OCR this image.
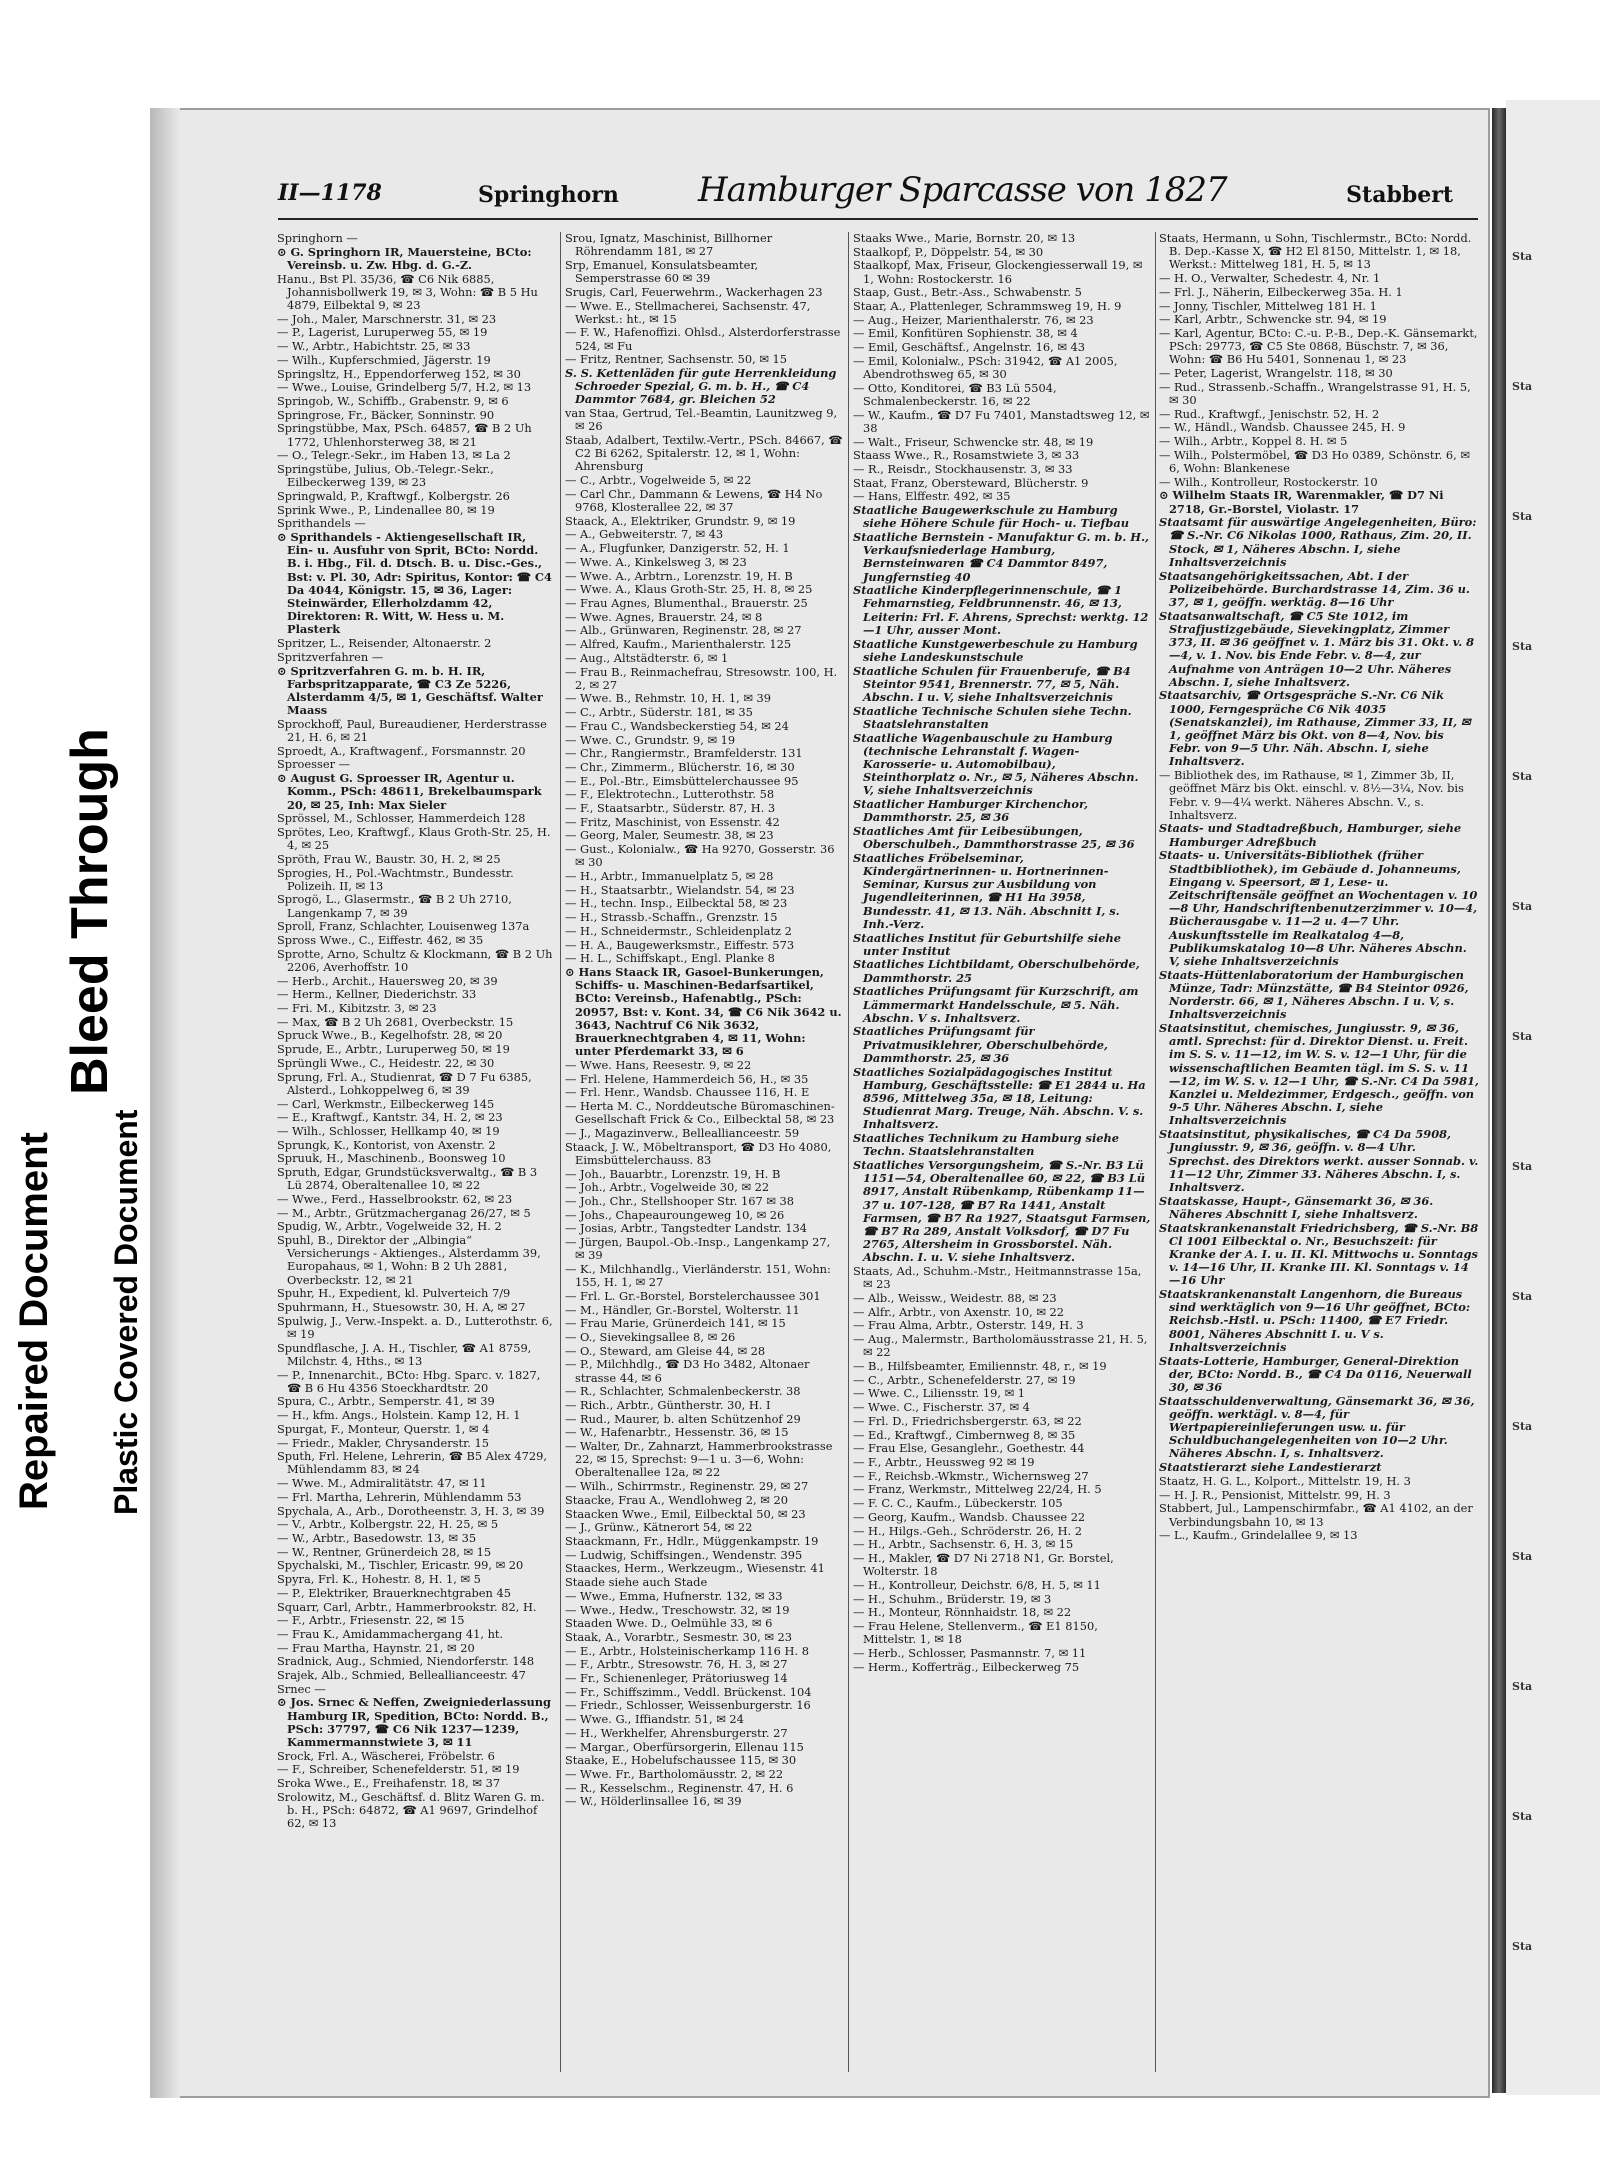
Repaired Document Plastic Covered Document
Bleed Through
Sta
Sta
Sta
Sta
Sta
Sta
Sta
Sta
Sta
Sta
Sta
Sta
Sta
Sta
II—1178	Springhorn Hamburger Sparcasse von 1827	Stabbert
Springhorn —
⊙ G. Springhorn IR, Mauersteine, BCto: Vereinsb. u. Zw. Hbg. d. G.-Z.
Hanu., Bst Pl. 35/36, ☎ C6 Nik 6885, Johannisbollwerk 19, ✉ 3, Wohn: ☎ B 5 Hu 4879, Eilbektal 9, ✉ 23
— Joh., Maler, Marschnerstr. 31, ✉ 23
— P., Lagerist, Luruperweg 55, ✉ 19
— W., Arbtr., Habichtstr. 25, ✉ 33
— Wilh., Kupferschmied, Jägerstr. 19
Springsltz, H., Eppendorferweg 152, ✉ 30
— Wwe., Louise, Grindelberg 5/7, H.2, ✉ 13
Springob, W., Schiffb., Grabenstr. 9, ✉ 6
Springrose, Fr., Bäcker, Sonninstr. 90
Springstübbe, Max, PSch. 64857, ☎ B 2 Uh 1772, Uhlenhorsterweg 38, ✉ 21
— O., Telegr.-Sekr., im Haben 13, ✉ La 2
Springstübe, Julius, Ob.-Telegr.-Sekr., Eilbeckerweg 139, ✉ 23
Springwald, P., Kraftwgf., Kolbergstr. 26
Sprink Wwe., P., Lindenallee 80, ✉ 19
Sprithandels —
⊙ Sprithandels - Aktiengesellschaft IR, Ein- u. Ausfuhr von Sprit, BCto: Nordd. B. i. Hbg., Fil. d. Dtsch. B. u. Disc.-Ges., Bst: v. Pl. 30, Adr: Spiritus, Kontor: ☎ C4 Da 4044, Königstr. 15, ✉ 36, Lager: Steinwärder, Ellerholzdamm 42, Direktoren: R. Witt, W. Hess u. M. Plasterk
Spritzer, L., Reisender, Altonaerstr. 2
Spritzverfahren —
⊙ Spritzverfahren G. m. b. H. IR, Farbspritzapparate, ☎ C3 Ze 5226, Alsterdamm 4/5, ✉ 1, Geschäftsf. Walter Maass
Sprockhoff, Paul, Bureaudiener, Herderstrasse 21, H. 6, ✉ 21
Sproedt, A., Kraftwagenf., Forsmannstr. 20
Sproesser —
⊙ August G. Sproesser IR, Agentur u. Komm., PSch: 48611, Brekelbaumspark 20, ✉ 25, Inh: Max Sieler
Sprössel, M., Schlosser, Hammerdeich 128
Sprötes, Leo, Kraftwgf., Klaus Groth-Str. 25, H. 4, ✉ 25
Spröth, Frau W., Baustr. 30, H. 2, ✉ 25
Sprogies, H., Pol.-Wachtmstr., Bundesstr. Polizeih. II, ✉ 13
Sprogö, L., Glasermstr., ☎ B 2 Uh 2710, Langenkamp 7, ✉ 39
Sproll, Franz, Schlachter, Louisenweg 137a
Spross Wwe., C., Eiffestr. 462, ✉ 35
Sprotte, Arno, Schultz & Klockmann, ☎ B 2 Uh 2206, Averhoffstr. 10
— Herb., Archit., Hauersweg 20, ✉ 39
— Herm., Kellner, Diederichstr. 33
— Fri. M., Kibitzstr. 3, ✉ 23
— Max, ☎ B 2 Uh 2681, Overbeckstr. 15
Spruck Wwe., B., Kegelhofstr. 28, ✉ 20
Sprude, E., Arbtr., Luruperweg 50, ✉ 19
Sprüngli Wwe., C., Heidestr. 22, ✉ 30
Sprung, Frl. A., Studienrat, ☎ D 7 Fu 6385, Alsterd., Lohkoppelweg 6, ✉ 39
— Carl, Werkmstr., Eilbeckerweg 145
— E., Kraftwgf., Kantstr. 34, H. 2, ✉ 23
— Wilh., Schlosser, Hellkamp 40, ✉ 19
Sprungk, K., Kontorist, von Axenstr. 2
Spruuk, H., Maschinenb., Boonsweg 10
Spruth, Edgar, Grundstücksverwaltg., ☎ B 3 Lü 2874, Oberaltenallee 10, ✉ 22
— Wwe., Ferd., Hasselbrookstr. 62, ✉ 23
— M., Arbtr., Grützmacherganag 26/27, ✉ 5
Spudig, W., Arbtr., Vogelweide 32, H. 2
Spuhl, B., Direktor der „Albingia“ Versicherungs - Aktienges., Alsterdamm 39, Europahaus, ✉ 1, Wohn: B 2 Uh 2881, Overbeckstr. 12, ✉ 21
Spuhr, H., Expedient, kl. Pulverteich 7/9
Spuhrmann, H., Stuesowstr. 30, H. A, ✉ 27
Spulwig, J., Verw.-Inspekt. a. D., Lutterothstr. 6, ✉ 19
Spundflasche, J. A. H., Tischler, ☎ A1 8759, Milchstr. 4, Hths., ✉ 13
— P., Innenarchit., BCto: Hbg. Sparc. v. 1827, ☎ B 6 Hu 4356 Stoeckhardtstr. 20
Spura, C., Arbtr., Semperstr. 41, ✉ 39
— H., kfm. Angs., Holstein. Kamp 12, H. 1
Spurgat, F., Monteur, Querstr. 1, ✉ 4
— Friedr., Makler, Chrysanderstr. 15
Sputh, Frl. Helene, Lehrerin, ☎ B5 Alex 4729, Mühlendamm 83, ✉ 24
— Wwe. M., Admiralitätstr. 47, ✉ 11
— Frl. Martha, Lehrerin, Mühlendamm 53
Spychala, A., Arb., Dorotheenstr. 3, H. 3, ✉ 39
— V., Arbtr., Kolbergstr. 22, H. 25, ✉ 5
— W., Arbtr., Basedowstr. 13, ✉ 35
— W., Rentner, Grünerdeich 28, ✉ 15
Spychalski, M., Tischler, Ericastr. 99, ✉ 20
Spyra, Frl. K., Hohestr. 8, H. 1, ✉ 5
— P., Elektriker, Brauerknechtgraben 45
Squarr, Carl, Arbtr., Hammerbrookstr. 82, H.
— F., Arbtr., Friesenstr. 22, ✉ 15
— Frau K., Amidammachergang 41, ht.
— Frau Martha, Haynstr. 21, ✉ 20
Sradnick, Aug., Schmied, Niendorferstr. 148
Srajek, Alb., Schmied, Belleallianceestr. 47
Srnec —
⊙ Jos. Srnec & Neffen, Zweigniederlassung Hamburg IR, Spedition, BCto: Nordd. B., PSch: 37797, ☎ C6 Nik 1237—1239, Kammermannstwiete 3, ✉ 11
Srock, Frl. A., Wäscherei, Fröbelstr. 6
— F., Schreiber, Schenefelderstr. 51, ✉ 19
Sroka Wwe., E., Freihafenstr. 18, ✉ 37
Srolowitz, M., Geschäftsf. d. Blitz Waren G. m. b. H., PSch: 64872, ☎ A1 9697, Grindelhof 62, ✉ 13
Srou, Ignatz, Maschinist, Billhorner Röhrendamm 181, ✉ 27
Srp, Emanuel, Konsulatsbeamter, Semperstrasse 60 ✉ 39
Srugis, Carl, Feuerwehrm., Wackerhagen 23
— Wwe. E., Stellmacherei, Sachsenstr. 47, Werkst.: ht., ✉ 15
— F. W., Hafenoffizi. Ohlsd., Alsterdorferstrasse 524, ✉ Fu
— Fritz, Rentner, Sachsenstr. 50, ✉ 15
S. S. Kettenläden für gute Herrenkleidung Schroeder Spezial, G. m. b. H., ☎ C4 Dammtor 7684, gr. Bleichen 52
van Staa, Gertrud, Tel.-Beamtin, Launitzweg 9, ✉ 26
Staab, Adalbert, Textilw.-Vertr., PSch. 84667, ☎ C2 Bi 6262, Spitalerstr. 12, ✉ 1, Wohn: Ahrensburg
— C., Arbtr., Vogelweide 5, ✉ 22
— Carl Chr., Dammann & Lewens, ☎ H4 No 9768, Klosterallee 22, ✉ 37
Staack, A., Elektriker, Grundstr. 9, ✉ 19
— A., Gebweiterstr. 7, ✉ 43
— A., Flugfunker, Danzigerstr. 52, H. 1
— Wwe. A., Kinkelsweg 3, ✉ 23
— Wwe. A., Arbtrn., Lorenzstr. 19, H. B
— Wwe. A., Klaus Groth-Str. 25, H. 8, ✉ 25
— Frau Agnes, Blumenthal., Brauerstr. 25
— Wwe. Agnes, Brauerstr. 24, ✉ 8
— Alb., Grünwaren, Reginenstr. 28, ✉ 27
— Alfred, Kaufm., Marienthalerstr. 125
— Aug., Altstädterstr. 6, ✉ 1
— Frau B., Reinmachefrau, Stresowstr. 100, H. 2, ✉ 27
— Wwe. B., Rehmstr. 10, H. 1, ✉ 39
— C., Arbtr., Süderstr. 181, ✉ 35
— Frau C., Wandsbeckerstieg 54, ✉ 24
— Wwe. C., Grundstr. 9, ✉ 19
— Chr., Rangiermstr., Bramfelderstr. 131
— Chr., Zimmerm., Blücherstr. 16, ✉ 30
— E., Pol.-Btr., Eimsbüttelerchaussee 95
— F., Elektrotechn., Lutterothstr. 58
— F., Staatsarbtr., Süderstr. 87, H. 3
— Fritz, Maschinist, von Essenstr. 42
— Georg, Maler, Seumestr. 38, ✉ 23
— Gust., Kolonialw., ☎ Ha 9270, Gosserstr. 36 ✉ 30
— H., Arbtr., Immanuelplatz 5, ✉ 28
— H., Staatsarbtr., Wielandstr. 54, ✉ 23
— H., techn. Insp., Eilbecktal 58, ✉ 23
— H., Strassb.-Schaffn., Grenzstr. 15
— H., Schneidermstr., Schleidenplatz 2
— H. A., Baugewerksmstr., Eiffestr. 573
— H. L., Schiffskapt., Engl. Planke 8
⊙ Hans Staack IR, Gasoel-Bunkerungen, Schiffs- u. Maschinen-Bedarfsartikel, BCto: Vereinsb., Hafenabtlg., PSch: 20957, Bst: v. Kont. 34, ☎ C6 Nik 3642 u. 3643, Nachtruf C6 Nik 3632, Brauerknechtgraben 4, ✉ 11, Wohn: unter Pferdemarkt 33, ✉ 6
— Wwe. Hans, Reesestr. 9, ✉ 22
— Frl. Helene, Hammerdeich 56, H., ✉ 35
— Frl. Henr., Wandsb. Chaussee 116, H. E
— Herta M. C., Norddeutsche Büromaschinen-Gesellschaft Frick & Co., Eilbecktal 58, ✉ 23
— J., Magazinverw., Belleallianceestr. 59
Staack, J. W., Möbeltransport, ☎ D3 Ho 4080, Eimsbüttelerchauss. 83
— Joh., Bauarbtr., Lorenzstr. 19, H. B
— Joh., Arbtr., Vogelweide 30, ✉ 22
— Joh., Chr., Stellshooper Str. 167 ✉ 38
— Johs., Chapeauroungeweg 10, ✉ 26
— Josias, Arbtr., Tangstedter Landstr. 134
— Jürgen, Baupol.-Ob.-Insp., Langenkamp 27, ✉ 39
— K., Milchhandlg., Vierländerstr. 151, Wohn: 155, H. 1, ✉ 27
— Frl. L. Gr.-Borstel, Borstelerchaussee 301
— M., Händler, Gr.-Borstel, Wolterstr. 11
— Frau Marie, Grünerdeich 141, ✉ 15
— O., Sievekingsallee 8, ✉ 26
— O., Steward, am Gleise 44, ✉ 28
— P., Milchhdlg., ☎ D3 Ho 3482, Altonaer strasse 44, ✉ 6
— R., Schlachter, Schmalenbeckerstr. 38
— Rich., Arbtr., Güntherstr. 30, H. I
— Rud., Maurer, b. alten Schützenhof 29
— W., Hafenarbtr., Hessenstr. 36, ✉ 15
— Walter, Dr., Zahnarzt, Hammerbrookstrasse 22, ✉ 15, Sprechst: 9—1 u. 3—6, Wohn: Oberaltenallee 12a, ✉ 22
— Wilh., Schirrmstr., Reginenstr. 29, ✉ 27
Staacke, Frau A., Wendlohweg 2, ✉ 20
Staacken Wwe., Emil, Eilbecktal 50, ✉ 23
— J., Grünw., Kätnerort 54, ✉ 22
Staackmann, Fr., Hdlr., Müggenkampstr. 19
— Ludwig, Schiffsingen., Wendenstr. 395
Staackes, Herm., Werkzeugm., Wiesenstr. 41
Staade siehe auch Stade
— Wwe., Emma, Hufnerstr. 132, ✉ 33
— Wwe., Hedw., Treschowstr. 32, ✉ 19
Staaden Wwe. D., Oelmühle 33, ✉ 6
Staak, A., Vorarbtr., Sesmestr. 30, ✉ 23
— E., Arbtr., Holsteinischerkamp 116 H. 8
— F., Arbtr., Stresowstr. 76, H. 3, ✉ 27
— Fr., Schienenleger, Prätoriusweg 14
— Fr., Schiffszimm., Veddl. Brückenst. 104
— Friedr., Schlosser, Weissenburgerstr. 16
— Wwe. G., Iffiandstr. 51, ✉ 24
— H., Werkhelfer, Ahrensburgerstr. 27
— Margar., Oberfürsorgerin, Ellenau 115
Staake, E., Hobelufschaussee 115, ✉ 30
— Wwe. Fr., Bartholomäusstr. 2, ✉ 22
— R., Kesselschm., Reginenstr. 47, H. 6
— W., Hölderlinsallee 16, ✉ 39
Staaks Wwe., Marie, Bornstr. 20, ✉ 13
Staalkopf, P., Döppelstr. 54, ✉ 30
Staalkopf, Max, Friseur, Glockengiesserwall 19, ✉ 1, Wohn: Rostockerstr. 16
Staap, Gust., Betr.-Ass., Schwabenstr. 5
Staar, A., Plattenleger, Schrammsweg 19, H. 9
— Aug., Heizer, Marienthalerstr. 76, ✉ 23
— Emil, Konfitüren Sophienstr. 38, ✉ 4
— Emil, Geschäftsf., Angelnstr. 16, ✉ 43
— Emil, Kolonialw., PSch: 31942, ☎ A1 2005, Abendrothsweg 65, ✉ 30
— Otto, Konditorei, ☎ B3 Lü 5504, Schmalenbeckerstr. 16, ✉ 22
— W., Kaufm., ☎ D7 Fu 7401, Manstadtsweg 12, ✉ 38
— Walt., Friseur, Schwencke str. 48, ✉ 19
Staass Wwe., R., Rosamstwiete 3, ✉ 33
— R., Reisdr., Stockhausenstr. 3, ✉ 33
Staat, Franz, Obersteward, Blücherstr. 9
— Hans, Elffestr. 492, ✉ 35
Staatliche Baugewerkschule zu Hamburg siehe Höhere Schule für Hoch- u. Tiefbau
Staatliche Bernstein - Manufaktur G. m. b. H., Verkaufsniederlage Hamburg, Bernsteinwaren ☎ C4 Dammtor 8497, Jungfernstieg 40
Staatliche Kinderpflegerinnenschule, ☎ 1 Fehmarnstieg, Feldbrunnenstr. 46, ✉ 13, Leiterin: Frl. F. Ahrens, Sprechst: werktg. 12—1 Uhr, ausser Mont.
Staatliche Kunstgewerbeschule zu Hamburg siehe Landeskunstschule
Staatliche Schulen für Frauenberufe, ☎ B4 Steintor 9541, Brennerstr. 77, ✉ 5, Näh. Abschn. I u. V, siehe Inhaltsverzeichnis
Staatliche Technische Schulen siehe Techn. Staatslehranstalten
Staatliche Wagenbauschule zu Hamburg (technische Lehranstalt f. Wagen-Karosserie- u. Automobilbau), Steinthorplatz o. Nr., ✉ 5, Näheres Abschn. V, siehe Inhaltsverzeichnis
Staatlicher Hamburger Kirchenchor, Dammthorstr. 25, ✉ 36
Staatliches Amt für Leibesübungen, Oberschulbeh., Dammthorstrasse 25, ✉ 36
Staatliches Fröbelseminar, Kindergärtnerinnen- u. Hortnerinnen-Seminar, Kursus zur Ausbildung von Jugendleiterinnen, ☎ H1 Ha 3958, Bundesstr. 41, ✉ 13. Näh. Abschnitt I, s. Inh.-Verz.
Staatliches Institut für Geburtshilfe siehe unter Institut
Staatliches Lichtbildamt, Oberschulbehörde, Dammthorstr. 25
Staatliches Prüfungsamt für Kurzschrift, am Lämmermarkt Handelsschule, ✉ 5. Näh. Abschn. V s. Inhaltsverz.
Staatliches Prüfungsamt für Privatmusiklehrer, Oberschulbehörde, Dammthorstr. 25, ✉ 36
Staatliches Sozialpädagogisches Institut Hamburg, Geschäftsstelle: ☎ E1 2844 u. Ha 8596, Mittelweg 35a, ✉ 18, Leitung: Studienrat Marg. Treuge, Näh. Abschn. V. s. Inhaltsverz.
Staatliches Technikum zu Hamburg siehe Techn. Staatslehranstalten
Staatliches Versorgungsheim, ☎ S.-Nr. B3 Lü 1151—54, Oberaltenallee 60, ✉ 22, ☎ B3 Lü 8917, Anstalt Rübenkamp, Rübenkamp 11—37 u. 107-128, ☎ B7 Ra 1441, Anstalt Farmsen, ☎ B7 Ra 1927, Staatsgut Farmsen, ☎ B7 Ra 289, Anstalt Volksdorf, ☎ D7 Fu 2765, Altersheim in Grossborstel. Näh. Abschn. I. u. V. siehe Inhaltsverz.
Staats, Ad., Schuhm.-Mstr., Heitmannstrasse 15a, ✉ 23
— Alb., Weissw., Weidestr. 88, ✉ 23
— Alfr., Arbtr., von Axenstr. 10, ✉ 22
— Frau Alma, Arbtr., Osterstr. 149, H. 3
— Aug., Malermstr., Bartholomäusstrasse 21, H. 5, ✉ 22
— B., Hilfsbeamter, Emiliennstr. 48, r., ✉ 19
— C., Arbtr., Schenefelderstr. 27, ✉ 19
— Wwe. C., Liliensstr. 19, ✉ 1
— Wwe. C., Fischerstr. 37, ✉ 4
— Frl. D., Friedrichsbergerstr. 63, ✉ 22
— Ed., Kraftwgf., Cimbernweg 8, ✉ 35
— Frau Else, Gesanglehr., Goethestr. 44
— F., Arbtr., Heussweg 92 ✉ 19
— F., Reichsb.-Wkmstr., Wichernsweg 27
— Franz, Werkmstr., Mittelweg 22/24, H. 5
— F. C. C., Kaufm., Lübeckerstr. 105
— Georg, Kaufm., Wandsb. Chaussee 22
— H., Hilgs.-Geh., Schröderstr. 26, H. 2
— H., Arbtr., Sachsenstr. 6, H. 3, ✉ 15
— H., Makler, ☎ D7 Ni 2718 N1, Gr. Borstel, Wolterstr. 18
— H., Kontrolleur, Deichstr. 6/8, H. 5, ✉ 11
— H., Schuhm., Brüderstr. 19, ✉ 3
— H., Monteur, Rönnhaidstr. 18, ✉ 22
— Frau Helene, Stellenverm., ☎ E1 8150, Mittelstr. 1, ✉ 18
— Herb., Schlosser, Pasmannstr. 7, ✉ 11
— Herm., Kofferträg., Eilbeckerweg 75
Staats, Hermann, u Sohn, Tischlermstr., BCto: Nordd. B. Dep.-Kasse X, ☎ H2 El 8150, Mittelstr. 1, ✉ 18, Werkst.: Mittelweg 181, H. 5, ✉ 13
— H. O., Verwalter, Schedestr. 4, Nr. 1
— Frl. J., Näherin, Eilbeckerweg 35a. H. 1
— Jonny, Tischler, Mittelweg 181 H. 1
— Karl, Arbtr., Schwencke str. 94, ✉ 19
— Karl, Agentur, BCto: C.-u. P.-B., Dep.-K. Gänsemarkt, PSch: 29773, ☎ C5 Ste 0868, Büschstr. 7, ✉ 36, Wohn: ☎ B6 Hu 5401, Sonnenau 1, ✉ 23
— Peter, Lagerist, Wrangelstr. 118, ✉ 30
— Rud., Strassenb.-Schaffn., Wrangelstrasse 91, H. 5, ✉ 30
— Rud., Kraftwgf., Jenischstr. 52, H. 2
— W., Händl., Wandsb. Chaussee 245, H. 9
— Wilh., Arbtr., Koppel 8. H. ✉ 5
— Wilh., Polstermöbel, ☎ D3 Ho 0389, Schönstr. 6, ✉ 6, Wohn: Blankenese
— Wilh., Kontrolleur, Rostockerstr. 10
⊙ Wilhelm Staats IR, Warenmakler, ☎ D7 Ni 2718, Gr.-Borstel, Violastr. 17
Staatsamt für auswärtige Angelegenheiten, Büro: ☎ S.-Nr. C6 Nikolas 1000, Rathaus, Zim. 20, II. Stock, ✉ 1, Näheres Abschn. I, siehe Inhaltsverzeichnis
Staatsangehörigkeitssachen, Abt. I der Polizeibehörde. Burchardstrasse 14, Zim. 36 u. 37, ✉ 1, geöffn. werktäg. 8—16 Uhr
Staatsanwaltschaft, ☎ C5 Ste 1012, im Strafjustizgebäude, Sievekingplatz, Zimmer 373, II. ✉ 36 geöffnet v. 1. März bis 31. Okt. v. 8—4, v. 1. Nov. bis Ende Febr. v. 8—4, zur Aufnahme von Anträgen 10—2 Uhr. Näheres Abschn. I, siehe Inhaltsverz.
Staatsarchiv, ☎ Ortsgespräche S.-Nr. C6 Nik 1000, Ferngespräche C6 Nik 4035 (Senatskanzlei), im Rathause, Zimmer 33, II, ✉ 1, geöffnet März bis Okt. von 8—4, Nov. bis Febr. von 9—5 Uhr. Näh. Abschn. I, siehe Inhaltsverz.
— Bibliothek des, im Rathause, ✉ 1, Zimmer 3b, II, geöffnet März bis Okt. einschl. v. 8½—3¼, Nov. bis Febr. v. 9—4¼ werkt. Näheres Abschn. V., s. Inhaltsverz.
Staats- und Stadtadreßbuch, Hamburger, siehe Hamburger Adreßbuch
Staats- u. Universitäts-Bibliothek (früher Stadtbibliothek), im Gebäude d. Johanneums, Eingang v. Speersort, ✉ 1, Lese- u. Zeitschriftensäle geöffnet an Wochentagen v. 10—8 Uhr, Handschriftenbenutzerzimmer v. 10—4, Bücherausgabe v. 11—2 u. 4—7 Uhr. Auskunftsstelle im Realkatalog 4—8, Publikumskatalog 10—8 Uhr. Näheres Abschn. V, siehe Inhaltsverzeichnis
Staats-Hüttenlaboratorium der Hamburgischen Münze, Tadr: Münzstätte, ☎ B4 Steintor 0926, Norderstr. 66, ✉ 1, Näheres Abschn. I u. V, s. Inhaltsverzeichnis
Staatsinstitut, chemisches, Jungiusstr. 9, ✉ 36, amtl. Sprechst: für d. Direktor Dienst. u. Freit. im S. S. v. 11—12, im W. S. v. 12—1 Uhr, für die wissenschaftlichen Beamten tägl. im S. S. v. 11—12, im W. S. v. 12—1 Uhr, ☎ S.-Nr. C4 Da 5981, Kanzlei u. Meldezimmer, Erdgesch., geöffn. von 9-5 Uhr. Näheres Abschn. I, siehe Inhaltsverzeichnis
Staatsinstitut, physikalisches, ☎ C4 Da 5908, Jungiusstr. 9, ✉ 36, geöffn. v. 8—4 Uhr. Sprechst. des Direktors werkt. ausser Sonnab. v. 11—12 Uhr, Zimmer 33. Näheres Abschn. I, s. Inhaltsverz.
Staatskasse, Haupt-, Gänsemarkt 36, ✉ 36. Näheres Abschnitt I, siehe Inhaltsverz.
Staatskrankenanstalt Friedrichsberg, ☎ S.-Nr. B8 Cl 1001 Eilbecktal o. Nr., Besuchszeit: für Kranke der A. I. u. II. Kl. Mittwochs u. Sonntags v. 14—16 Uhr, II. Kranke III. Kl. Sonntags v. 14—16 Uhr
Staatskrankenanstalt Langenhorn, die Bureaus sind werktäglich von 9—16 Uhr geöffnet, BCto: Reichsb.-Hstl. u. PSch: 11400, ☎ E7 Friedr. 8001, Näheres Abschnitt I. u. V s. Inhaltsverzeichnis
Staats-Lotterie, Hamburger, General-Direktion der, BCto: Nordd. B., ☎ C4 Da 0116, Neuerwall 30, ✉ 36
Staatsschuldenverwaltung, Gänsemarkt 36, ✉ 36, geöffn. werktägl. v. 8—4, für Wertpapiereinlieferungen usw. u. für Schuldbuchangelegenheiten von 10—2 Uhr. Näheres Abschn. I, s. Inhaltsverz.
Staatstierarzt siehe Landestierarzt
Staatz, H. G. L., Kolport., Mittelstr. 19, H. 3
— H. J. R., Pensionist, Mittelstr. 99, H. 3
Stabbert, Jul., Lampenschirmfabr., ☎ A1 4102, an der Verbindungsbahn 10, ✉ 13
— L., Kaufm., Grindelallee 9, ✉ 13
